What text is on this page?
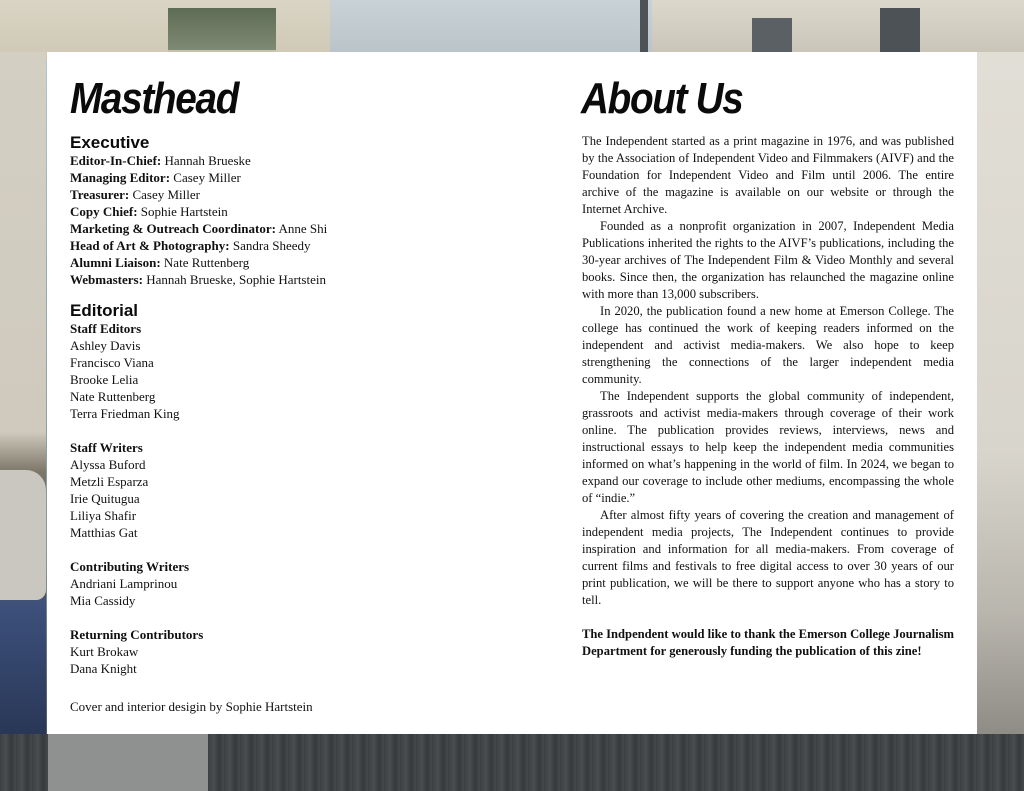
Masthead	About Us
Executive
Editor-In-Chief: Hannah Brueske
Managing Editor: Casey Miller
Treasurer: Casey Miller
Copy Chief: Sophie Hartstein
Marketing & Outreach Coordinator: Anne Shi
Head of Art & Photography: Sandra Sheedy
Alumni Liaison: Nate Ruttenberg
Webmasters: Hannah Brueske, Sophie Hartstein
Editorial
Staff Editors
Ashley Davis
Francisco Viana
Brooke Lelia
Nate Ruttenberg
Terra Friedman King
Staff Writers
Alyssa Buford
Metzli Esparza
Irie Quitugua
Liliya Shafir
Matthias Gat
Contributing Writers
Andriani Lamprinou
Mia Cassidy
Returning Contributors
Kurt Brokaw
Dana Knight
Cover and interior desigin by Sophie Hartstein

The Independent started as a print magazine in 1976, and was published by the Association of Independent Video and Filmmakers (AIVF) and the Foundation for Independent Video and Film until 2006. The entire archive of the magazine is available on our website or through the Internet Archive.

Founded as a nonprofit organization in 2007, Independent Media Publications inherited the rights to the AIVF’s publications, including the 30-year archives of The Independent Film & Video Monthly and several books. Since then, the organization has relaunched the magazine online with more than 13,000 subscribers.

In 2020, the publication found a new home at Emerson College. The college has continued the work of keeping readers informed on the independent and activist media-makers. We also hope to keep strengthening the connections of the larger independent media community.

The Independent supports the global community of independent, grassroots and activist media-makers through coverage of their work online. The publication provides reviews, interviews, news and instructional essays to help keep the independent media communities informed on what’s happening in the world of film. In 2024, we began to expand our coverage to include other mediums, encompassing the whole of “indie.”

After almost fifty years of covering the creation and management of independent media projects, The Independent continues to provide inspiration and information for all media-makers. From coverage of current films and festivals to free digital access to over 30 years of our print publication, we will be there to support anyone who has a story to tell.

The Indpendent would like to thank the Emerson College Journalism Department for generously funding the publication of this zine!
